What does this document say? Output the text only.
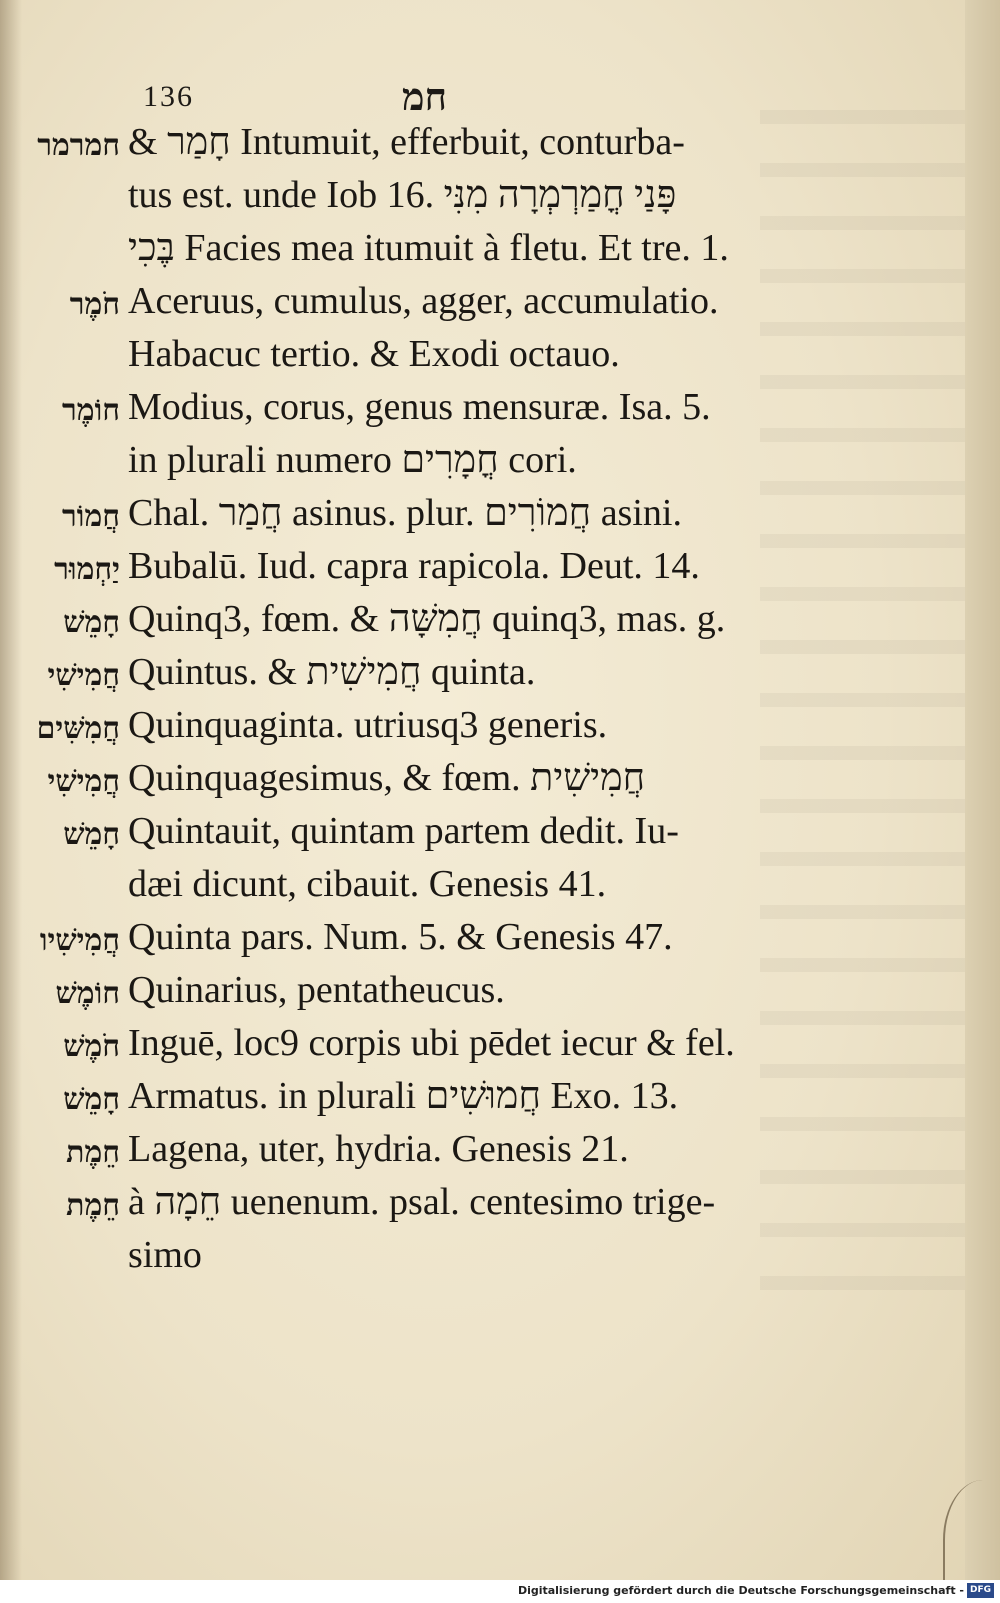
136	חמ
חמרמר & חָמַר Intumuit, efferbuit, conturba-
tus est. unde Iob 16. פָּנַי חֳמַרְמְרָה מִנִּי
בֶּכִי Facies mea itumuit à fletu. Et tre. 1.
חֹמֶר Aceruus, cumulus, agger, accumulatio.
Habacuc tertio. & Exodi octauo.
חוֹמֶר Modius, corus, genus mensuræ. Isa. 5.
in plurali numero חֳמָרִים cori.
חֲמוֹר Chal. חֲמַר asinus. plur. חֲמוֹרִים asini.
יַחְמוּר Bubalū. Iud. capra rapicola. Deut. 14.
חָמֵשׁ Quinq3, fœm. & חֲמִשָּׁה quinq3, mas. g.
חֲמִישִׁי Quintus. & חֲמִישִׁית quinta.
חֲמִשִּׁים Quinquaginta. utriusq3 generis.
חֲמִישִׁי Quinquagesimus, & fœm. חֲמִישִׁית
חָמֵשׁ Quintauit, quintam partem dedit. Iu-
dæi dicunt, cibauit. Genesis 41.
חֲמִישִׁיו Quinta pars. Num. 5. & Genesis 47.
חוֹמֶשׁ Quinarius, pentatheucus.
חֹמֶשׁ Inguē, loc9 corpis ubi pēdet iecur & fel.
חָמֵשׁ Armatus. in plurali חֲמוּשִׁים Exo. 13.
חֵמֶת Lagena, uter, hydria. Genesis 21.
חֵמֶת à חֵמָה uenenum. psal. centesimo trige-
simo
Digitalisierung gefördert durch die Deutsche Forschungsgemeinschaft - DFG
